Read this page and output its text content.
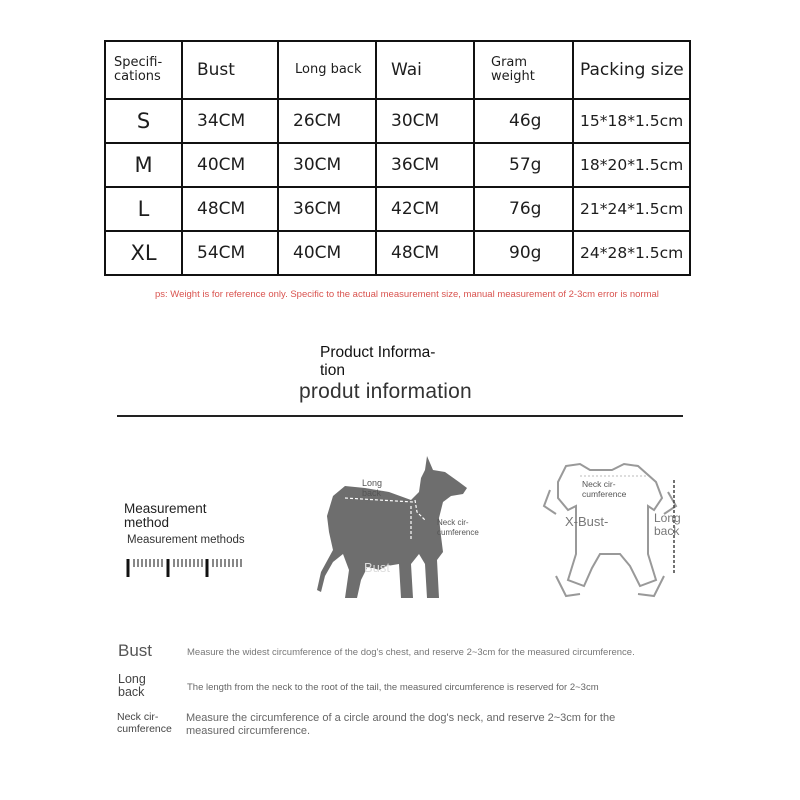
Specifi-cations	Bust	Long back	Wai	Gram weight	Packing size
S	34CM	26CM	30CM	46g	15*18*1.5cm
M	40CM	30CM	36CM	57g	18*20*1.5cm
L	48CM	36CM	42CM	76g	21*24*1.5cm
XL	54CM	40CM	48CM	90g	24*28*1.5cm
ps: Weight is for reference only. Specific to the actual measurement size, manual measurement of 2-3cm error is normal
Product Informa-
tion
produt information
Measurement
method
Measurement methods
Long
back
Neck cir-
cumference
Bust
Neck cir-
cumference
X-Bust-	Long
back
Bust	Measure the widest circumference of the dog's chest, and reserve 2~3cm for the measured circumference.
Long
back	The length from the neck to the root of the tail, the measured circumference is reserved for 2~3cm
Neck cir-
cumference
Measure the circumference of a circle around the dog's neck, and reserve 2~3cm for the
measured circumference.
